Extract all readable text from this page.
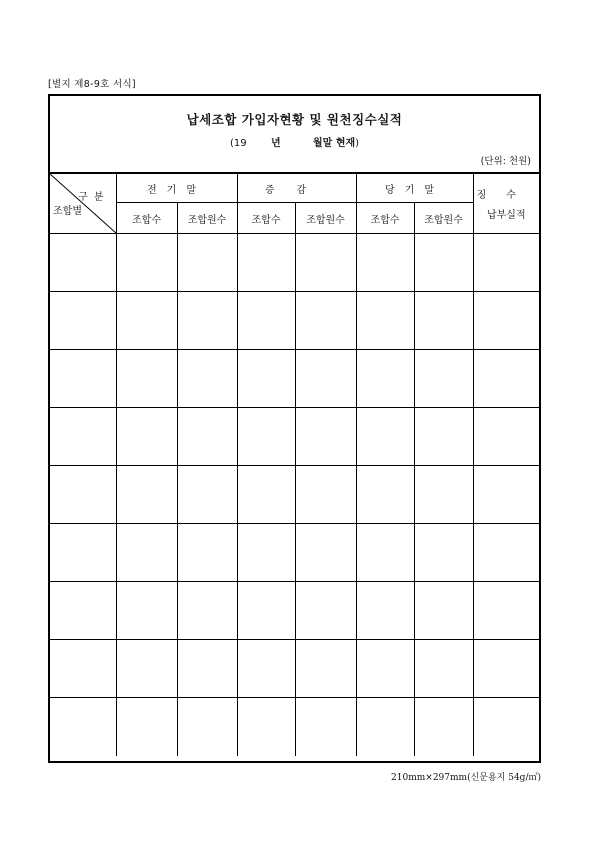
[별지 제8-9호 서식]
납세조합 가입자현황 및 원천징수실적
(19 년	월말 현재)
(단위: 천원)
구분
조합별	전기말		증감		당기말		징수
납부실적

	조합수	조합원수	조합수	조합원수	조합수	조합원수	

210mm×297mm(신문용지 54g/㎡)
